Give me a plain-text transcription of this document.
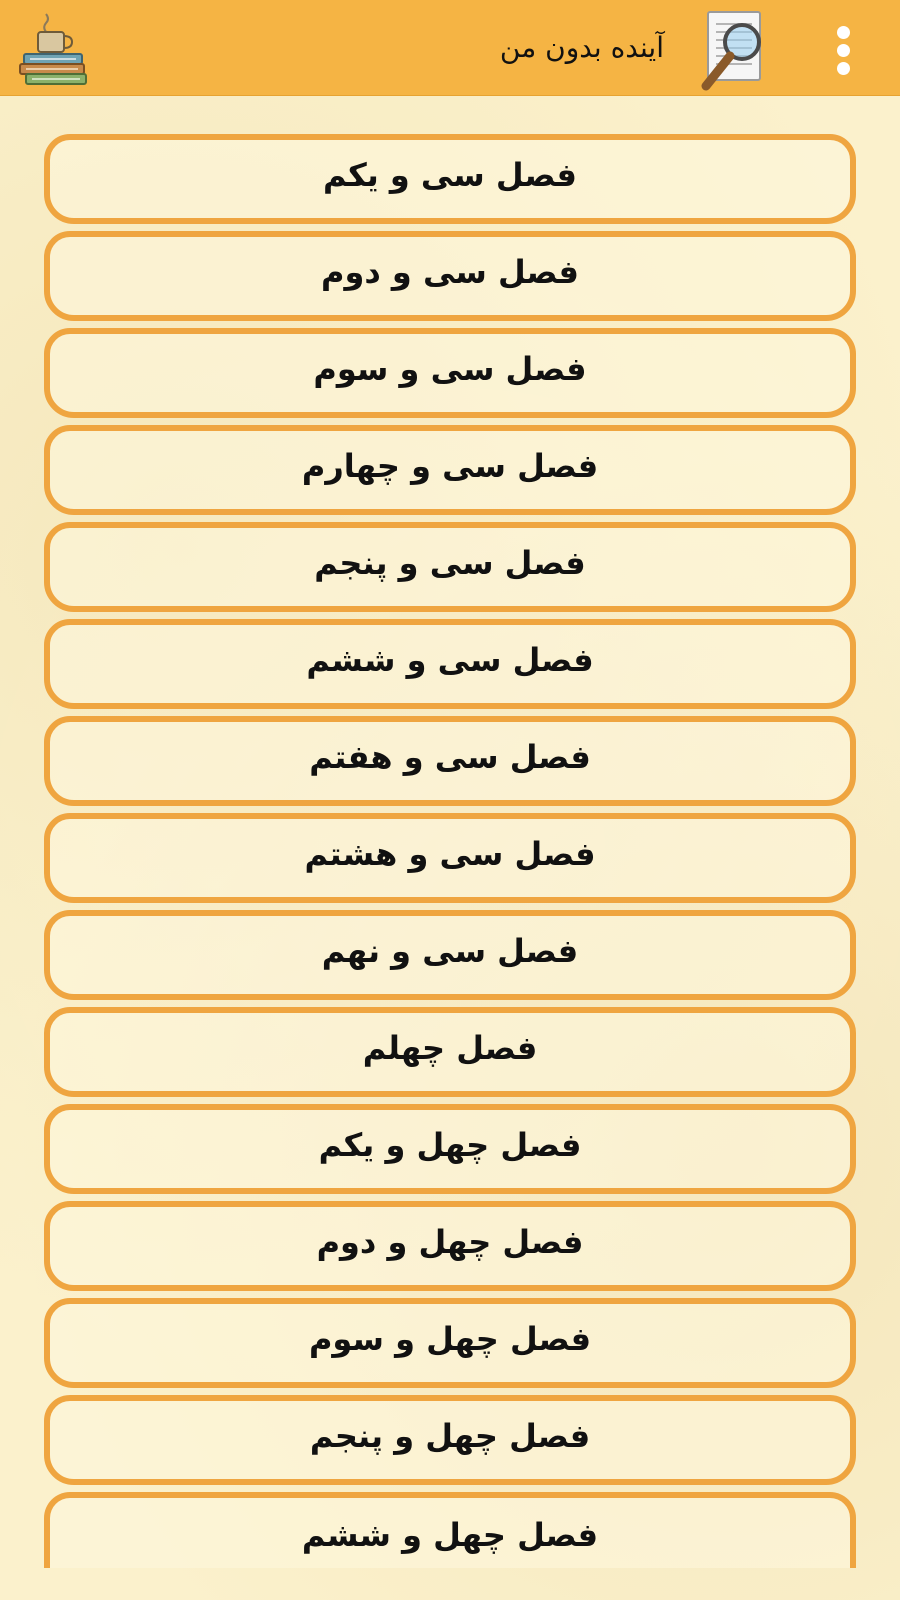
آینده بدون من
فصل سی و یکم
فصل سی و دوم
فصل سی و سوم
فصل سی و چهارم
فصل سی و پنجم
فصل سی و ششم
فصل سی و هفتم
فصل سی و هشتم
فصل سی و نهم
فصل چهلم
فصل چهل و یکم
فصل چهل و دوم
فصل چهل و سوم
فصل چهل و پنجم
فصل چهل و ششم
